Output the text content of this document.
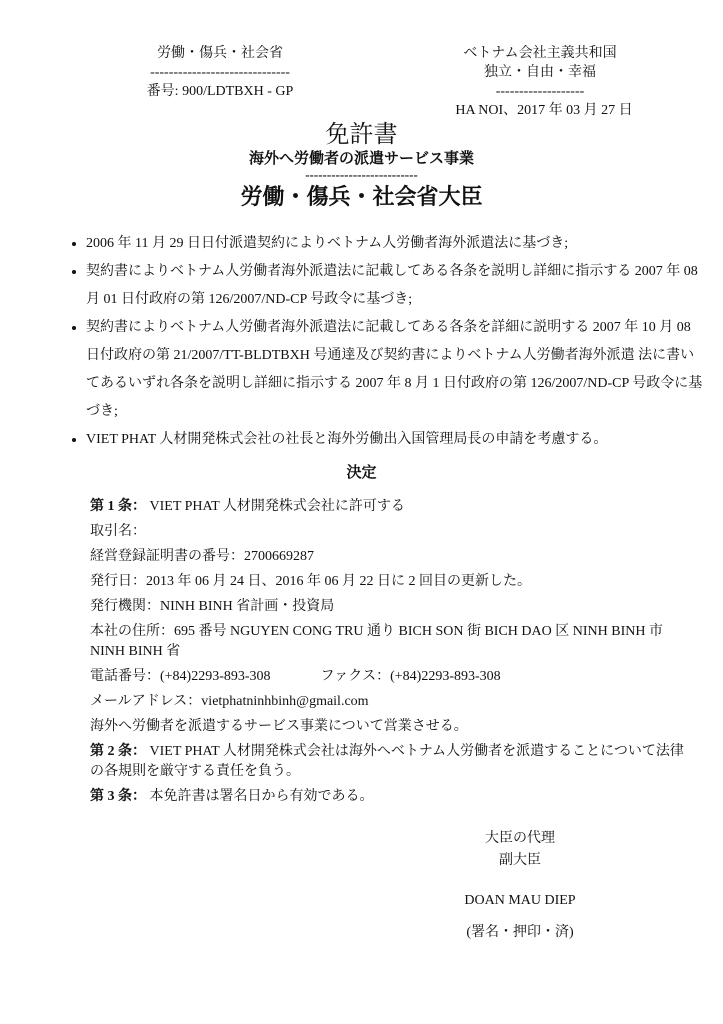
労働・傷兵・社会省
------------------------------
番号: 900/LDTBXH - GP
ベトナム会社主義共和国
独立・自由・幸福
-------------------
HA NOI、2017 年 03 月 27 日
免許書
海外へ労働者の派遣サービス事業
--------------------------
労働・傷兵・社会省大臣
• 2006 年 11 月 29 日日付派遣契約によりベトナム人労働者海外派遣法に基づき;
• 契約書によりベトナム人労働者海外派遣法に記載してある各条を説明し詳細に指示する 2007 年 08 月 01 日付政府の第 126/2007/ND-CP 号政令に基づき;
• 契約書によりベトナム人労働者海外派遣法に記載してある各条を詳細に説明する 2007 年 10 月 08 日付政府の第 21/2007/TT-BLDTBXH 号通達及び契約書によりベトナム人労働者海外派遣 法に書いてあるいずれ各条を説明し詳細に指示する 2007 年 8 月 1 日付政府の第 126/2007/ND-CP 号政令に基づき;
• VIET PHAT 人材開発株式会社の社長と海外労働出入国管理局長の申請を考慮する。
決定

第 1 条： VIET PHAT 人材開発株式会社に許可する

取引名：

経営登録証明書の番号：2700669287

発行日：2013 年 06 月 24 日、2016 年 06 月 22 日に 2 回目の更新した。

発行機関：NINH BINH 省計画・投資局

本社の住所：695 番号 NGUYEN CONG TRU 通り BICH SON 街 BICH DAO 区 NINH BINH 市 NINH BINH 省

電話番号：(+84)2293-893-308	ファクス：(+84)2293-893-308

メールアドレス：vietphatninhbinh@gmail.com

海外へ労働者を派遣するサービス事業について営業させる。

第 2 条： VIET PHAT 人材開発株式会社は海外へベトナム人労働者を派遣することについて法律の各規則を厳守する責任を負う。

第 3 条： 本免許書は署名日から有効である。

大臣の代理
副大臣
DOAN MAU DIEP
(署名・押印・済)
